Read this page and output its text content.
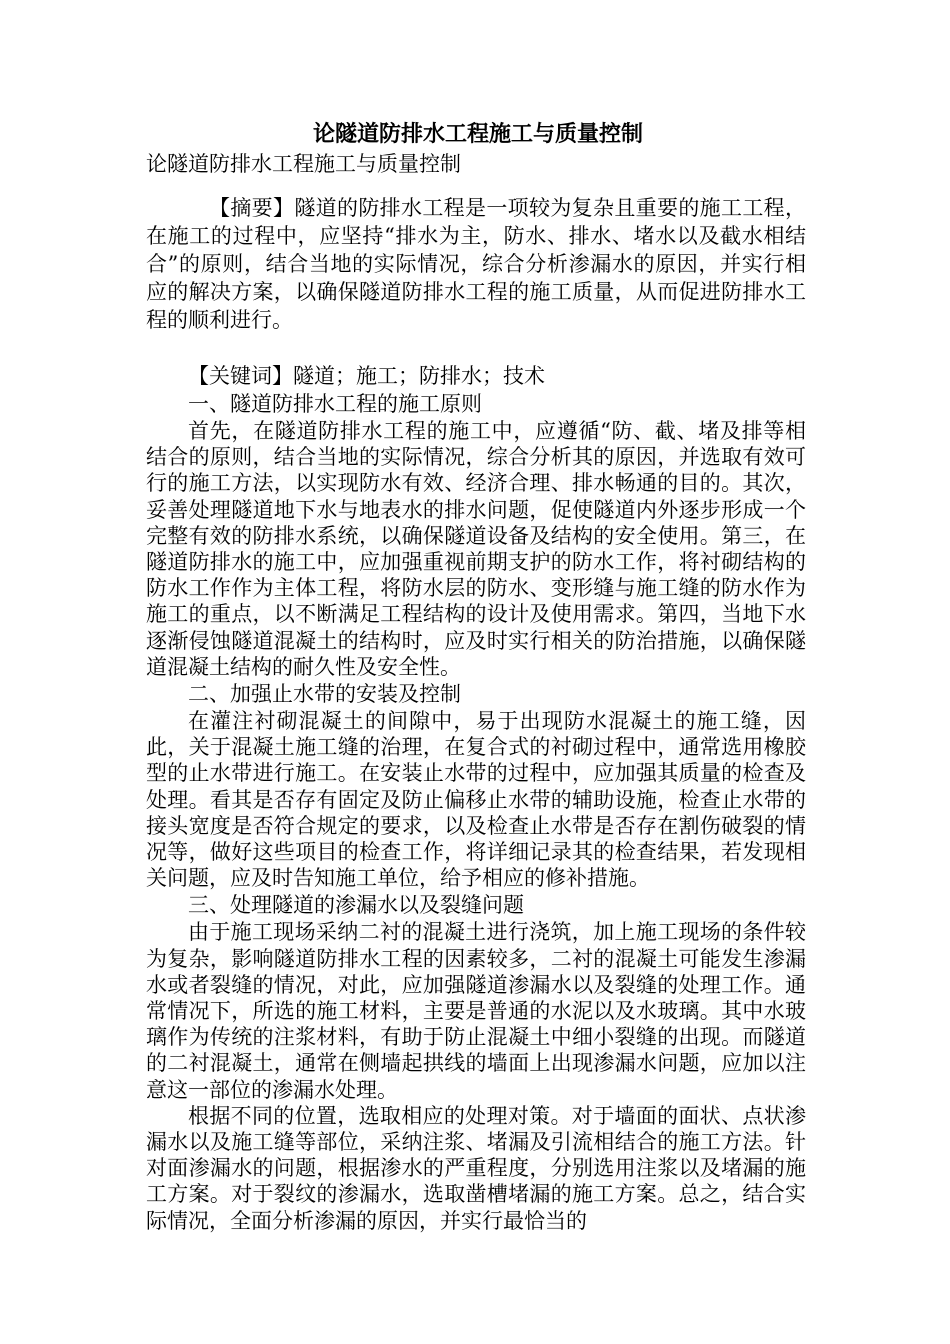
论隧道防排水工程施工与质量控制

论隧道防排水工程施工与质量控制

【摘要】隧道的防排水工程是一项较为复杂且重要的施工工程，在施工的过程中，应坚持“排水为主，防水、排水、堵水以及截水相结合”的原则，结合当地的实际情况，综合分析渗漏水的原因，并实行相应的解决方案，以确保隧道防排水工程的施工质量，从而促进防排水工程的顺利进行。

【关键词】隧道；施工；防排水；技术

一、隧道防排水工程的施工原则

首先，在隧道防排水工程的施工中，应遵循“防、截、堵及排等相结合的原则，结合当地的实际情况，综合分析其的原因，并选取有效可行的施工方法，以实现防水有效、经济合理、排水畅通的目的。其次，妥善处理隧道地下水与地表水的排水问题，促使隧道内外逐步形成一个完整有效的防排水系统，以确保隧道设备及结构的安全使用。第三，在隧道防排水的施工中，应加强重视前期支护的防水工作，将衬砌结构的防水工作作为主体工程，将防水层的防水、变形缝与施工缝的防水作为施工的重点，以不断满足工程结构的设计及使用需求。第四，当地下水逐渐侵蚀隧道混凝土的结构时，应及时实行相关的防治措施，以确保隧道混凝土结构的耐久性及安全性。

二、加强止水带的安装及控制

在灌注衬砌混凝土的间隙中，易于出现防水混凝土的施工缝，因此，关于混凝土施工缝的治理，在复合式的衬砌过程中，通常选用橡胶型的止水带进行施工。在安装止水带的过程中，应加强其质量的检查及处理。看其是否存有固定及防止偏移止水带的辅助设施，检查止水带的接头宽度是否符合规定的要求，以及检查止水带是否存在割伤破裂的情况等，做好这些项目的检查工作，将详细记录其的检查结果，若发现相关问题，应及时告知施工单位，给予相应的修补措施。

三、处理隧道的渗漏水以及裂缝问题

由于施工现场采纳二衬的混凝土进行浇筑，加上施工现场的条件较为复杂，影响隧道防排水工程的因素较多，二衬的混凝土可能发生渗漏水或者裂缝的情况，对此，应加强隧道渗漏水以及裂缝的处理工作。通常情况下，所选的施工材料，主要是普通的水泥以及水玻璃。其中水玻璃作为传统的注浆材料，有助于防止混凝土中细小裂缝的出现。而隧道的二衬混凝土，通常在侧墙起拱线的墙面上出现渗漏水问题，应加以注意这一部位的渗漏水处理。

根据不同的位置，选取相应的处理对策。对于墙面的面状、点状渗漏水以及施工缝等部位，采纳注浆、堵漏及引流相结合的施工方法。针对面渗漏水的问题，根据渗水的严重程度，分别选用注浆以及堵漏的施工方案。对于裂纹的渗漏水，选取凿槽堵漏的施工方案。总之，结合实际情况，全面分析渗漏的原因，并实行最恰当的
